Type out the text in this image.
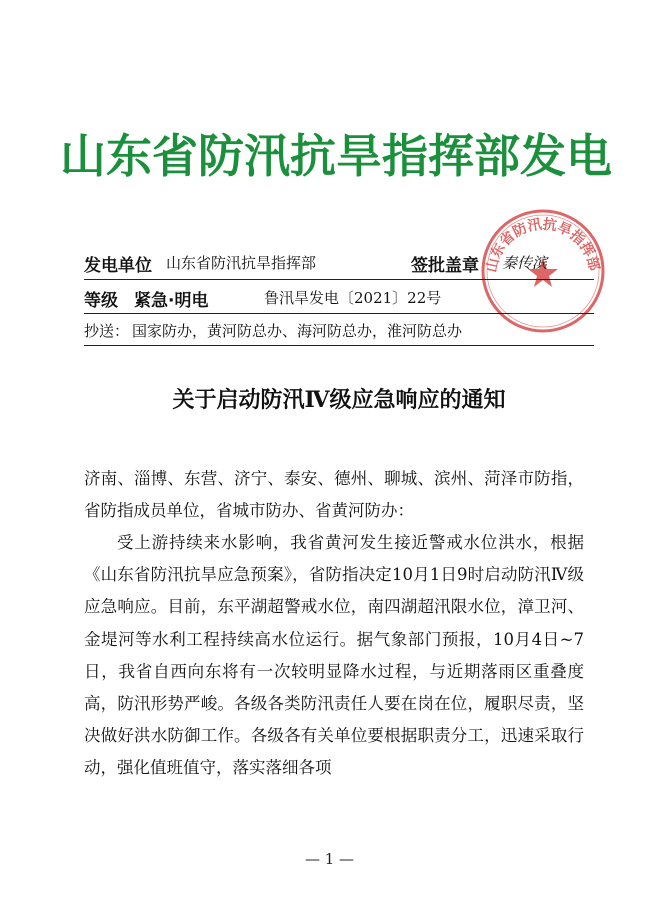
山东省防汛抗旱指挥部发电
山东省防汛抗旱指挥部
发电单位 山东省防汛抗旱指挥部	签批盖章 秦传滨
等级 紧急·明电	鲁汛旱发电〔2021〕22号
抄送： 国家防办，黄河防总办、海河防总办，淮河防总办
关于启动防汛Ⅳ级应急响应的通知
济南、淄博、东营、济宁、泰安、德州、聊城、滨州、菏泽市防指，省防指成员单位，省城市防办、省黄河防办：
受上游持续来水影响，我省黄河发生接近警戒水位洪水，根据《山东省防汛抗旱应急预案》，省防指决定10月1日9时启动防汛Ⅳ级应急响应。目前，东平湖超警戒水位，南四湖超汛限水位，漳卫河、金堤河等水利工程持续高水位运行。据气象部门预报，10月4日~7日，我省自西向东将有一次较明显降水过程，与近期落雨区重叠度高，防汛形势严峻。各级各类防汛责任人要在岗在位，履职尽责，坚决做好洪水防御工作。各级各有关单位要根据职责分工，迅速采取行动，强化值班值守，落实落细各项
— 1 —
